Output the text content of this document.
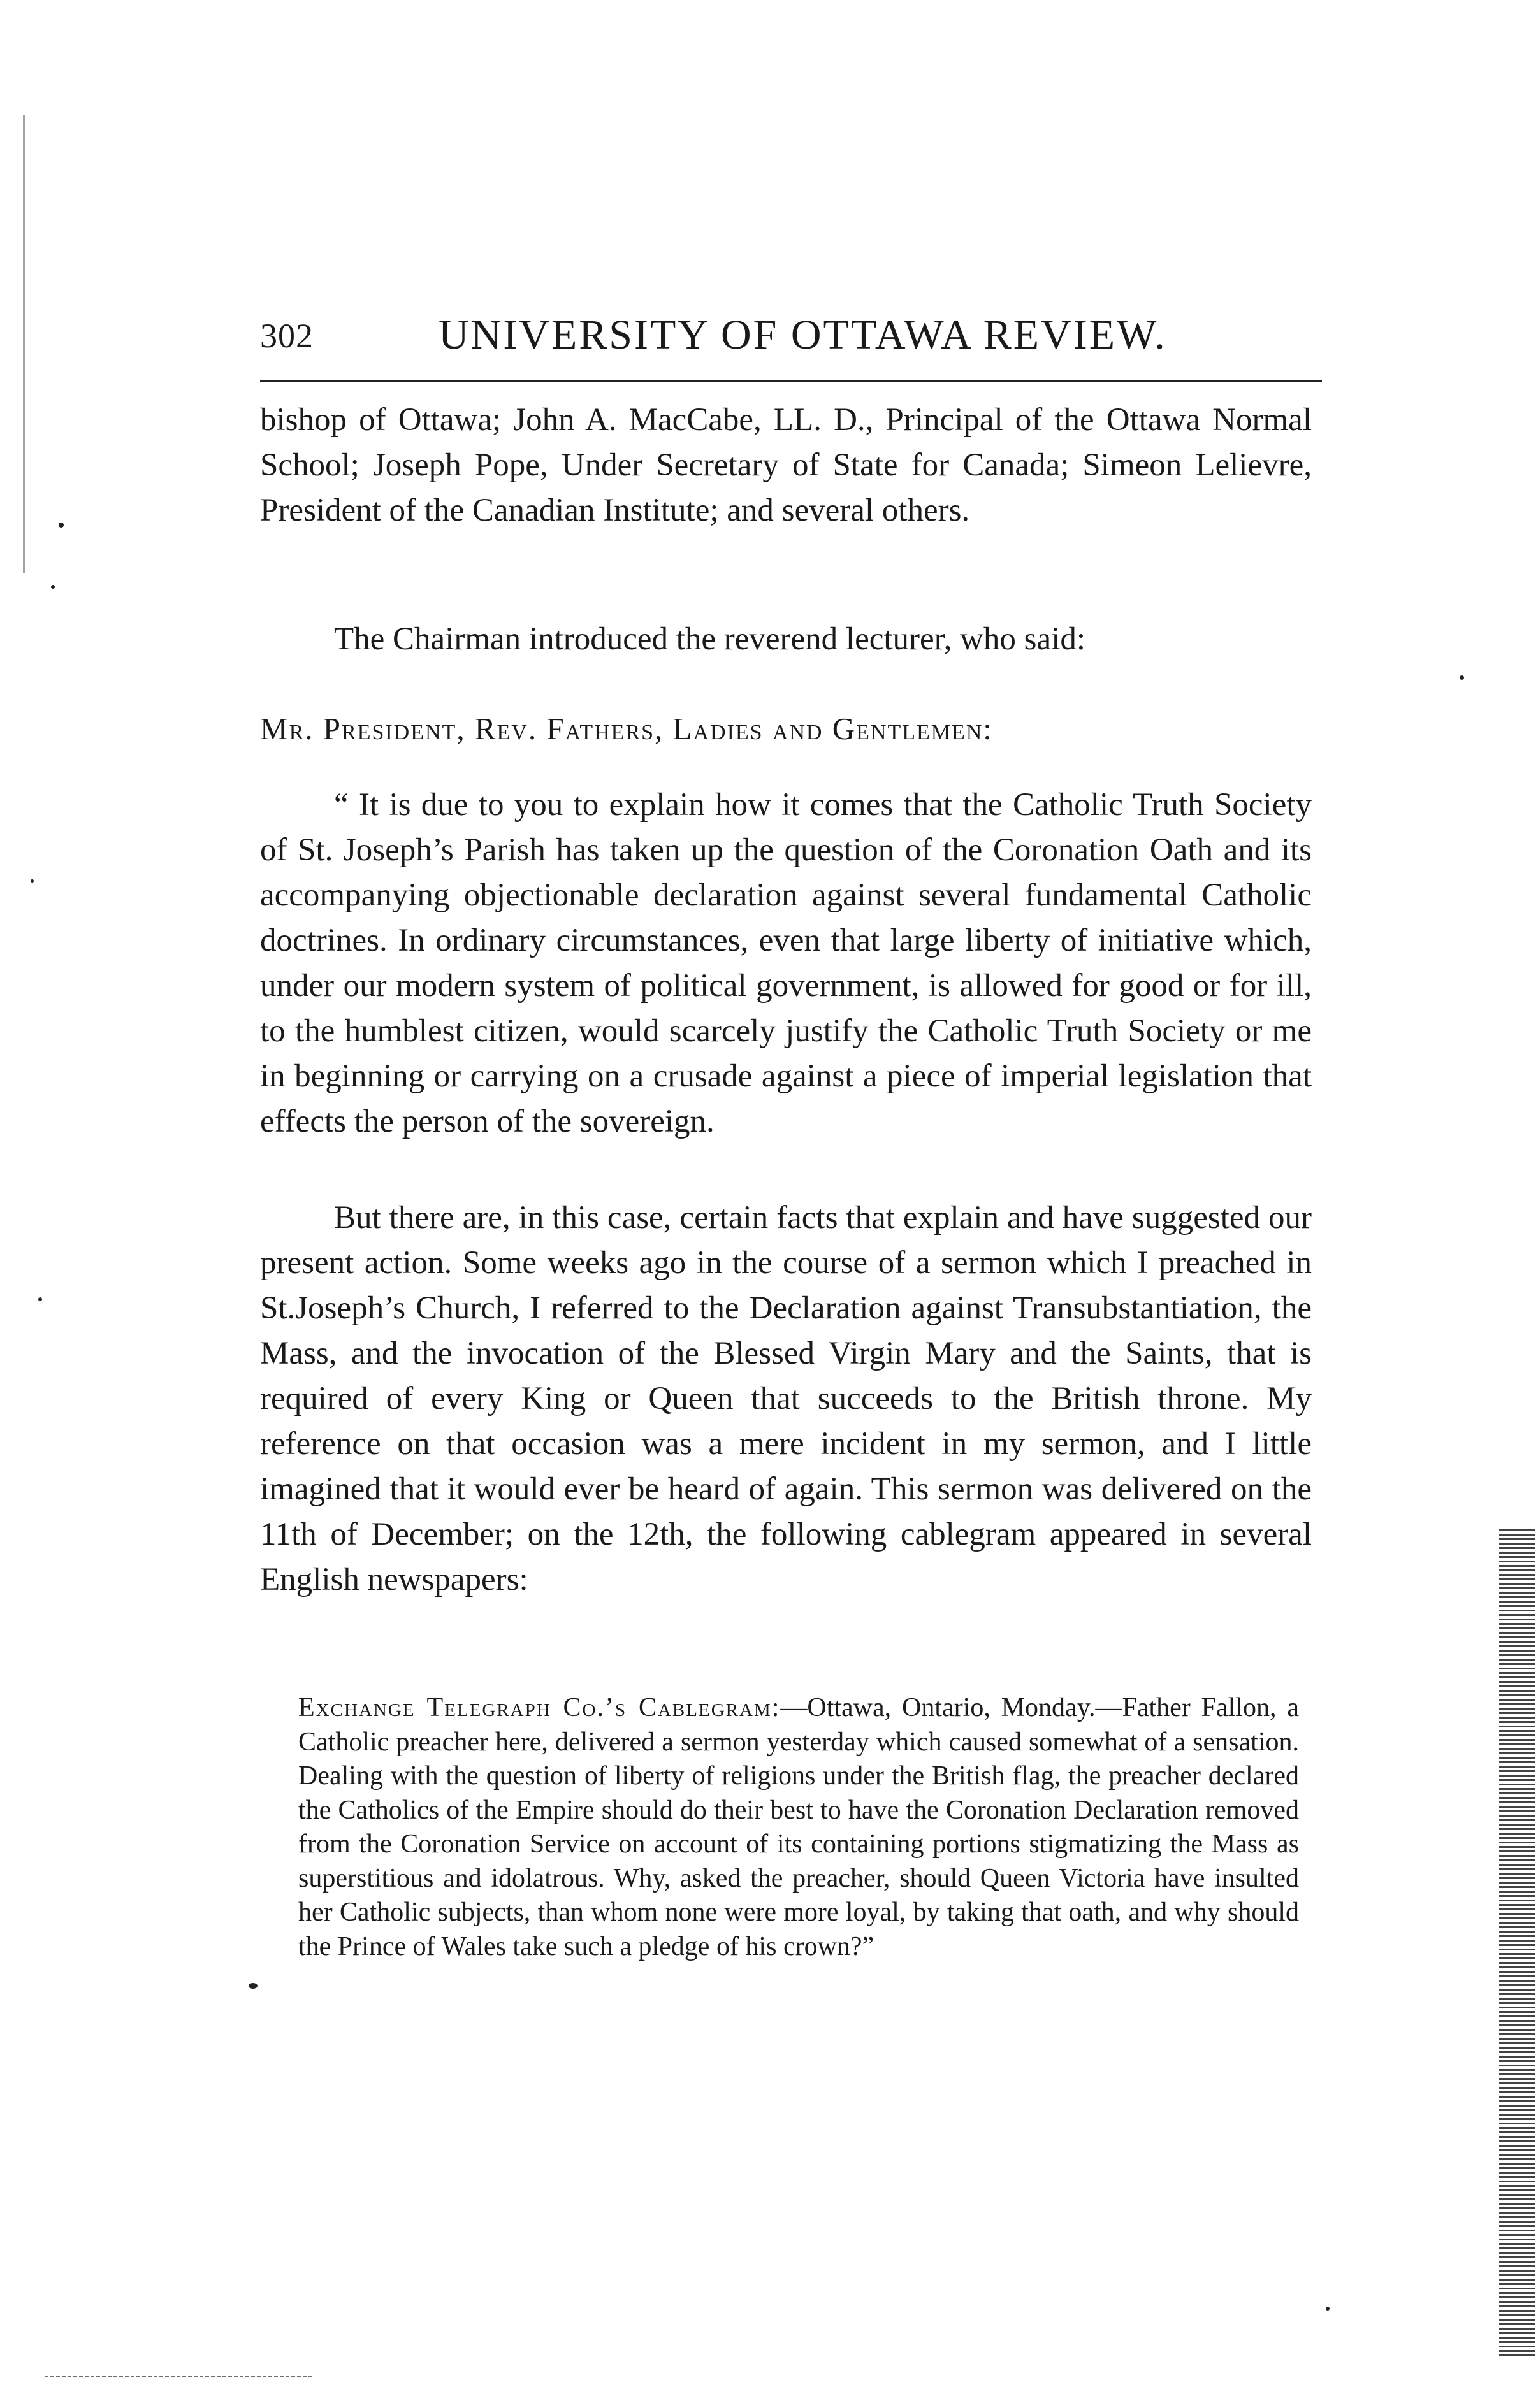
302	UNIVERSITY OF OTTAWA REVIEW.
bishop of Ottawa; John A. MacCabe, LL. D., Principal of the Ottawa Normal School; Joseph Pope, Under Secretary of State for Canada; Simeon Lelievre, President of the Canadian Institute; and several others.
The Chairman introduced the reverend lecturer, who said:
Mr. President, Rev. Fathers, Ladies and Gentlemen:
“ It is due to you to explain how it comes that the Catholic Truth Society of St. Joseph’s Parish has taken up the question of the Coronation Oath and its accompanying objectionable declaration against several fundamental Catholic doctrines. In ordinary circumstances, even that large liberty of initiative which, under our modern system of political government, is allowed for good or for ill, to the humblest citizen, would scarcely justify the Catholic Truth Society or me in beginning or carrying on a crusade against a piece of imperial legislation that effects the person of the sovereign.
But there are, in this case, certain facts that explain and have suggested our present action. Some weeks ago in the course of a sermon which I preached in St.Joseph’s Church, I referred to the Declaration against Transubstantiation, the Mass, and the invocation of the Blessed Virgin Mary and the Saints, that is required of every King or Queen that succeeds to the British throne. My reference on that occasion was a mere incident in my sermon, and I little imagined that it would ever be heard of again. This sermon was delivered on the 11th of December; on the 12th, the following cablegram appeared in several English newspapers:
Exchange Telegraph Co.’s Cablegram:—Ottawa, Ontario, Monday.—Father Fallon, a Catholic preacher here, delivered a sermon yesterday which caused somewhat of a sensation. Dealing with the question of liberty of religions under the British flag, the preacher declared the Catholics of the Empire should do their best to have the Coronation Declaration removed from the Coronation Service on account of its containing portions stigmatizing the Mass as superstitious and idolatrous. Why, asked the preacher, should Queen Victoria have insulted her Catholic subjects, than whom none were more loyal, by taking that oath, and why should the Prince of Wales take such a pledge of his crown?”
